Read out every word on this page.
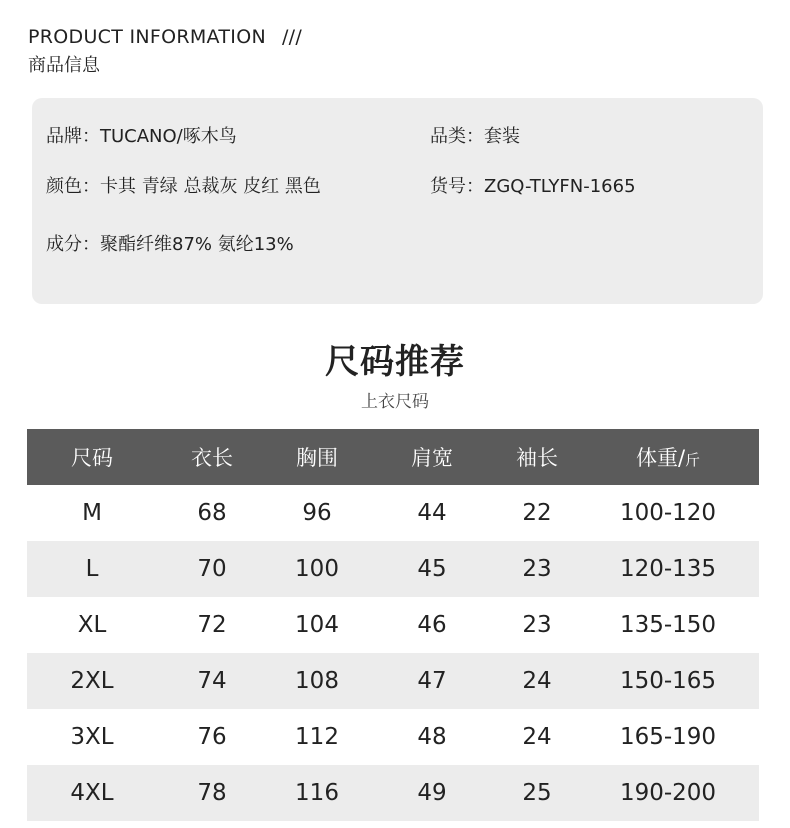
PRODUCT INFORMATION ///
商品信息
品牌：TUCANO/啄木鸟	品类：套装
颜色：卡其 青绿 总裁灰 皮红 黑色	货号：ZGQ-TLYFN-1665
成分：聚酯纤维87% 氨纶13%
尺码推荐
上衣尺码
尺码	衣长	胸围	肩宽	袖长	体重/斤
M	68	96	44	22	100-120
L	70	100	45	23	120-135
XL	72	104	46	23	135-150
2XL	74	108	47	24	150-165
3XL	76	112	48	24	165-190
4XL	78	116	49	25	190-200
